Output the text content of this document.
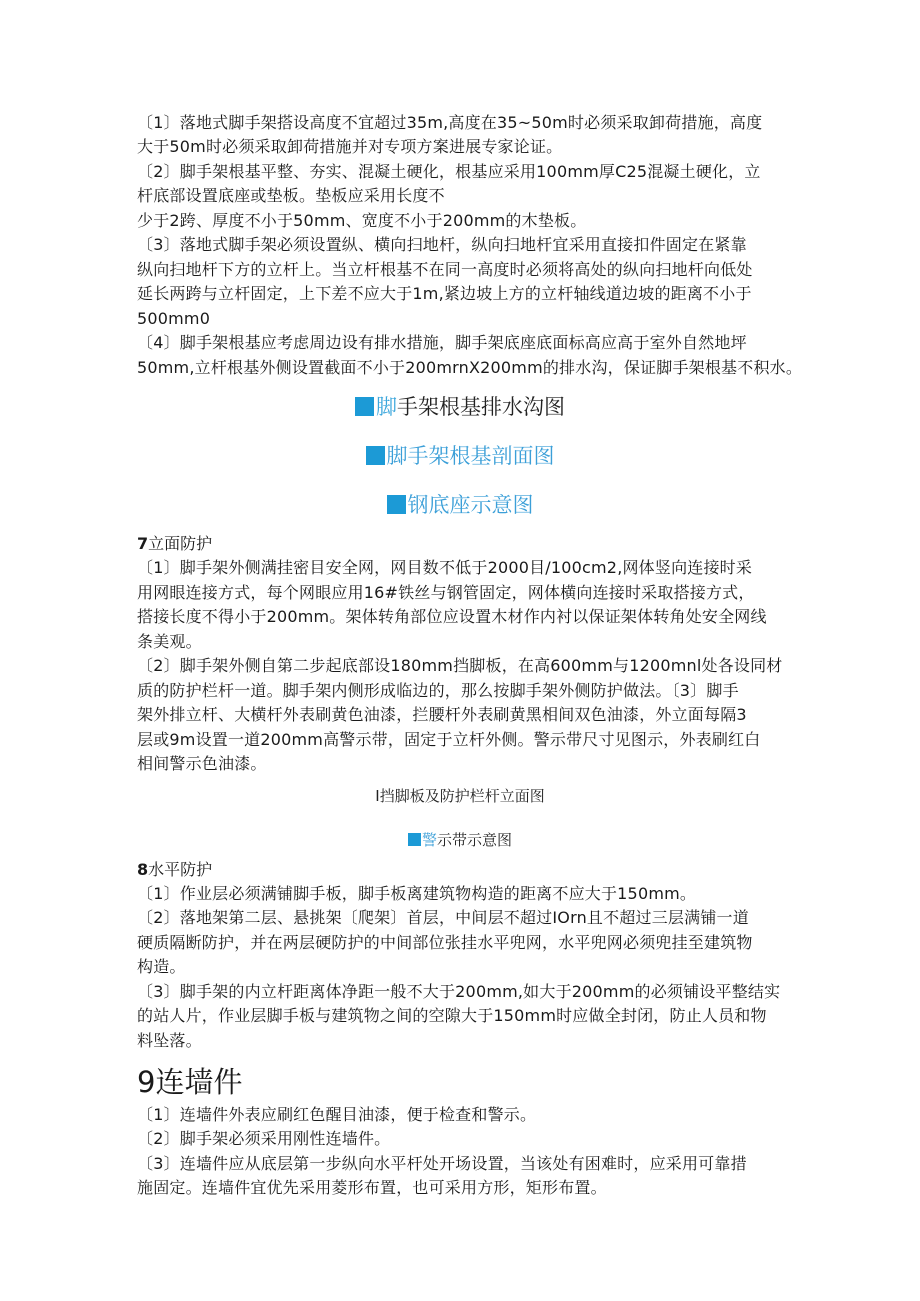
〔1〕落地式脚手架搭设高度不宜超过35m,高度在35~50m时必须采取卸荷措施，高度
大于50m时必须采取卸荷措施并对专项方案进展专家论证。
〔2〕脚手架根基平整、夯实、混凝土硬化，根基应采用100mm厚C25混凝土硬化，立
杆底部设置底座或垫板。垫板应采用长度不
少于2跨、厚度不小于50mm、宽度不小于200mm的木垫板。
〔3〕落地式脚手架必须设置纵、横向扫地杆，纵向扫地杆宜采用直接扣件固定在紧靠
纵向扫地杆下方的立杆上。当立杆根基不在同一高度时必须将高处的纵向扫地杆向低处
延长两跨与立杆固定，上下差不应大于1m,紧边坡上方的立杆轴线道边坡的距离不小于
500mm0
〔4〕脚手架根基应考虑周边设有排水措施，脚手架底座底面标高应高于室外自然地坪
50mm,立杆根基外侧设置截面不小于200mrnX200mm的排水沟，保证脚手架根基不积水。
脚手架根基排水沟图
脚手架根基剖面图
钢底座示意图
7立面防护
〔1〕脚手架外侧满挂密目安全网，网目数不低于2000目/100cm2,网体竖向连接时采
用网眼连接方式，每个网眼应用16#铁丝与钢管固定，网体横向连接时采取搭接方式，
搭接长度不得小于200mm。架体转角部位应设置木材作内衬以保证架体转角处安全网线
条美观。
〔2〕脚手架外侧自第二步起底部设180mm挡脚板，在高600mm与1200mnl处各设同材
质的防护栏杆一道。脚手架内侧形成临边的，那么按脚手架外侧防护做法。〔3〕脚手
架外排立杆、大横杆外表刷黄色油漆，拦腰杆外表刷黄黑相间双色油漆，外立面每隔3
层或9m设置一道200mm高警示带，固定于立杆外侧。警示带尺寸见图示，外表刷红白
相间警示色油漆。
I挡脚板及防护栏杆立面图
警示带示意图
8水平防护
〔1〕作业层必须满铺脚手板，脚手板离建筑物构造的距离不应大于150mm。
〔2〕落地架第二层、悬挑架〔爬架〕首层，中间层不超过IOrn且不超过三层满铺一道
硬质隔断防护，并在两层硬防护的中间部位张挂水平兜网，水平兜网必须兜挂至建筑物
构造。
〔3〕脚手架的内立杆距离体净距一般不大于200mm,如大于200mm的必须铺设平整结实
的站人片，作业层脚手板与建筑物之间的空隙大于150mm时应做全封闭，防止人员和物
料坠落。
9连墙件
〔1〕连墙件外表应刷红色醒目油漆，便于检查和警示。
〔2〕脚手架必须采用刚性连墙件。
〔3〕连墙件应从底层第一步纵向水平杆处开场设置，当该处有困难时，应采用可靠措
施固定。连墙件宜优先采用菱形布置，也可采用方形，矩形布置。
